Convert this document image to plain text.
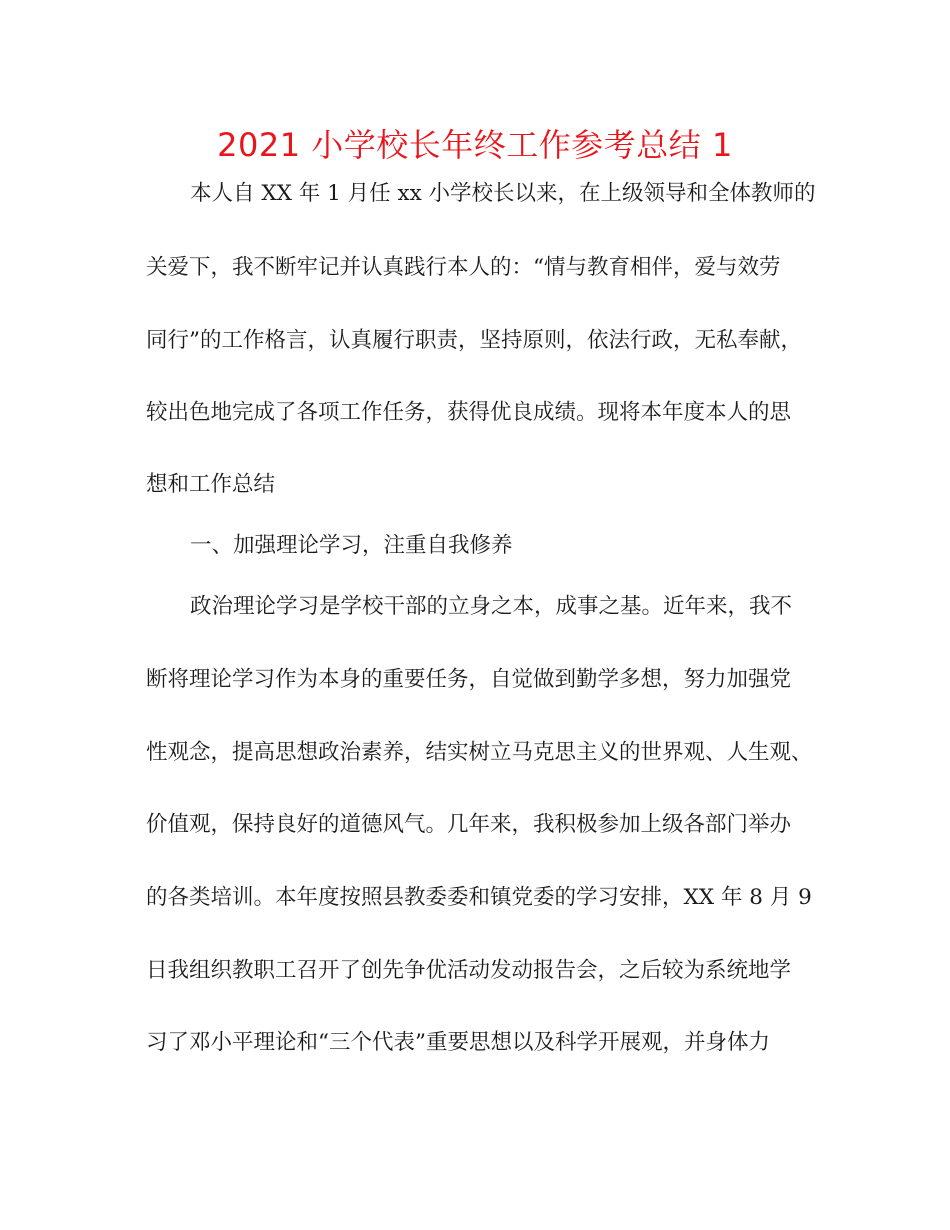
2021 小学校长年终工作参考总结 1
本人自 XX 年 1 月任 xx 小学校长以来，在上级领导和全体教师的
关爱下，我不断牢记并认真践行本人的：“情与教育相伴，爱与效劳
同行”的工作格言，认真履行职责，坚持原则，依法行政，无私奉献，
较出色地完成了各项工作任务，获得优良成绩。现将本年度本人的思
想和工作总结
一、加强理论学习，注重自我修养
政治理论学习是学校干部的立身之本，成事之基。近年来，我不
断将理论学习作为本身的重要任务，自觉做到勤学多想，努力加强党
性观念，提高思想政治素养，结实树立马克思主义的世界观、人生观、
价值观，保持良好的道德风气。几年来，我积极参加上级各部门举办
的各类培训。本年度按照县教委委和镇党委的学习安排，XX 年 8 月 9
日我组织教职工召开了创先争优活动发动报告会，之后较为系统地学
习了邓小平理论和“三个代表”重要思想以及科学开展观，并身体力
